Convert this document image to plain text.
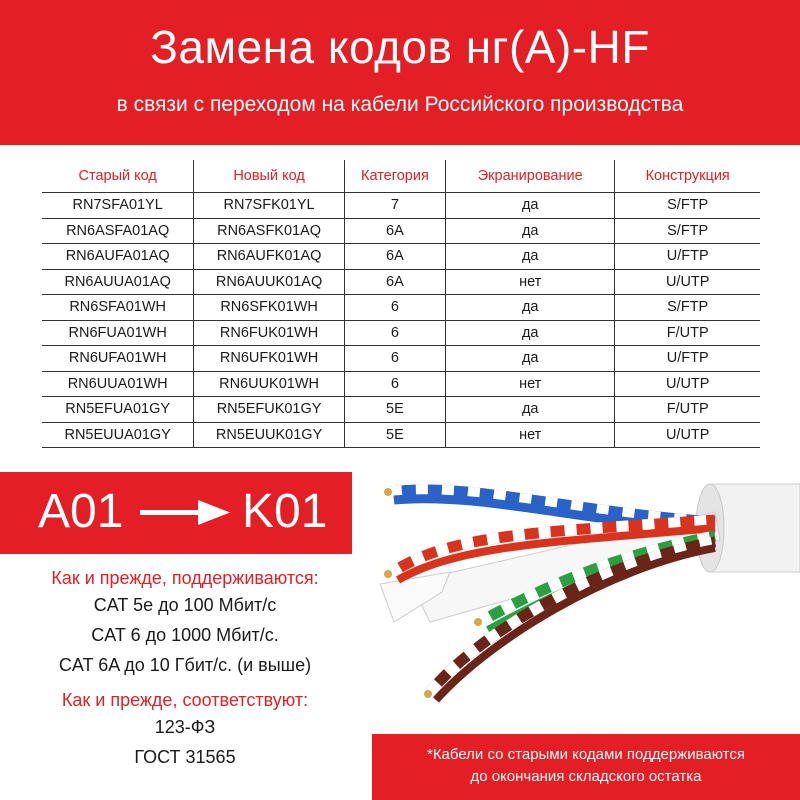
Замена кодов нг(A)-HF
в связи с переходом на кабели Российского производства
Старый код	Новый код	Категория	Экранирование	Конструкция
RN7SFA01YL	RN7SFK01YL	7	да	S/FTP
RN6ASFA01AQ	RN6ASFK01AQ	6A	да	S/FTP
RN6AUFA01AQ	RN6AUFK01AQ	6A	да	U/FTP
RN6AUUA01AQ	RN6AUUK01AQ	6A	нет	U/UTP
RN6SFA01WH	RN6SFK01WH	6	да	S/FTP
RN6FUA01WH	RN6FUK01WH	6	да	F/UTP
RN6UFA01WH	RN6UFK01WH	6	да	U/FTP
RN6UUA01WH	RN6UUK01WH	6	нет	U/UTP
RN5EFUA01GY	RN5EFUK01GY	5E	да	F/UTP
RN5EUUA01GY	RN5EUUK01GY	5E	нет	U/UTP
A01 K01
Как и прежде, поддерживаются:
CAT 5e до 100 Мбит/с
CAT 6 до 1000 Мбит/с.
CAT 6A до 10 Гбит/с. (и выше)
Как и прежде, соответствуют:
123-ФЗ
ГОСТ 31565	*Кабели со старыми кодами поддерживаются
до окончания складского остатка
